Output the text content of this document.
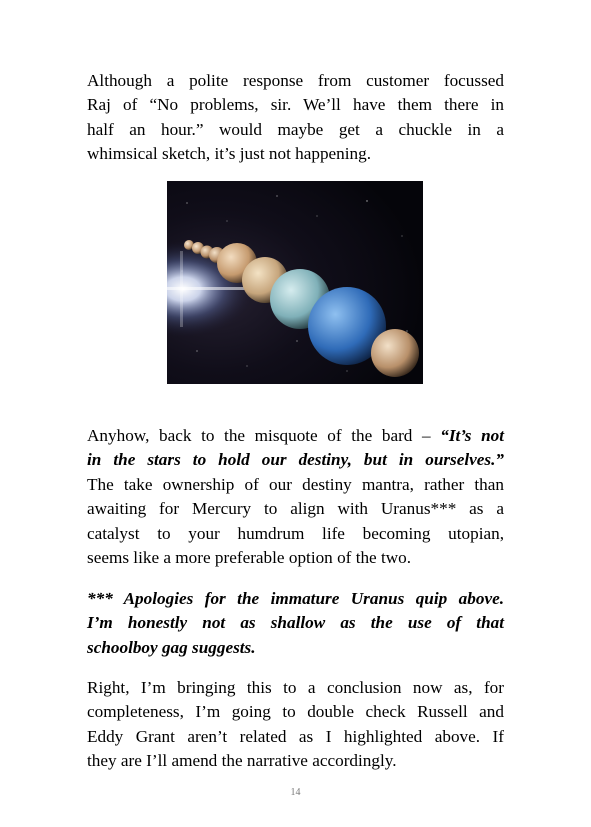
Although a polite response from customer focussed
Raj of “No problems, sir. We’ll have them there in
half an hour.” would maybe get a chuckle in a
whimsical sketch, it’s just not happening.

Anyhow, back to the misquote of the bard – “It’s not
in the stars to hold our destiny, but in ourselves.”
The take ownership of our destiny mantra, rather than
awaiting for Mercury to align with Uranus*** as a
catalyst to your humdrum life becoming utopian,
seems like a more preferable option of the two.

*** Apologies for the immature Uranus quip above.
I’m honestly not as shallow as the use of that
schoolboy gag suggests.

Right, I’m bringing this to a conclusion now as, for
completeness, I’m going to double check Russell and
Eddy Grant aren’t related as I highlighted above. If
they are I’ll amend the narrative accordingly.

14
